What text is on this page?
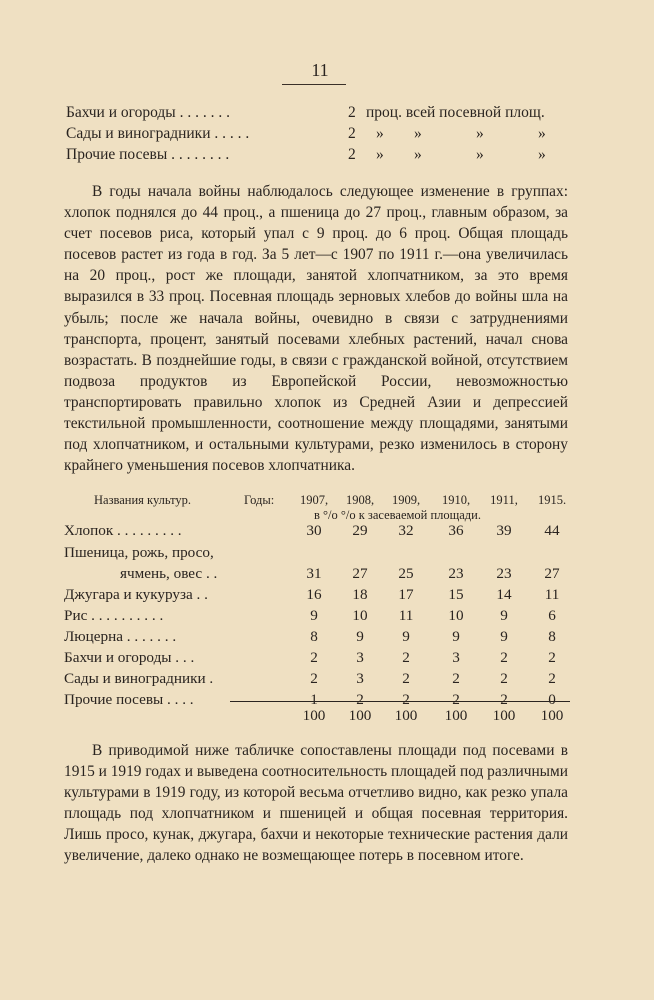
11
Бахчи и огороды . . . . . . .	2 проц. всей посевной площ.
Сады и виноградники . . . . .	2 » »	»	»
Прочие посевы . . . . . . . .	2 » »	»	»

В годы начала войны наблюдалось следующее изменение в группах: хлопок поднялся до 44 проц., а пшеница до 27 проц., главным образом, за счет посевов риса, который упал с 9 проц. до 6 проц. Общая площадь посевов растет из года в год. За 5 лет—с 1907 по 1911 г.—она увеличилась на 20 проц., рост же площади, занятой хлопчатником, за это время выразился в 33 проц. Посевная площадь зерновых хлебов до войны шла на убыль; после же начала войны, очевидно в связи с затруднениями транспорта, процент, занятый посевами хлебных растений, начал снова возрастать. В позднейшие годы, в связи с гражданской войной, отсутствием подвоза продуктов из Европейской России, невозможностью транспортировать правильно хлопок из Средней Азии и депрессией текстильной промышленности, соотношение между площадями, занятыми под хлопчатником, и остальными культурами, резко изменилось в сторону крайнего уменьшения посевов хлопчатника.

Названия культур.	Годы:
в °/о °/о к засеваемой площади.
1907,	1908,	1909,	1910,	1911,	1915.
Хлопок . . . . . . . . .	30	29	32	36	39	44
Пшеница, рожь, просо,
ячмень, овес . .	31	27	25	23	23	27
Джугара и кукуруза . .	16	18	17	15	14	11
Рис . . . . . . . . . .	9	10	11	10	9	6
Люцерна . . . . . . .	8	9	9	9	9	8
Бахчи и огороды . . .	2	3	2	3	2	2
Сады и виноградники .	2	3	2	2	2	2
Прочие посевы . . . .	1	2	2	2	2	0
100	100	100	100	100	100

В приводимой ниже табличке сопоставлены площади под посевами в 1915 и 1919 годах и выведена соотносительность площадей под различными культурами в 1919 году, из которой весьма отчетливо видно, как резко упала площадь под хлопчатником и пшеницей и общая посевная территория. Лишь просо, кунак, джугара, бахчи и некоторые технические растения дали увеличение, далеко однако не возмещающее потерь в посевном итоге.
